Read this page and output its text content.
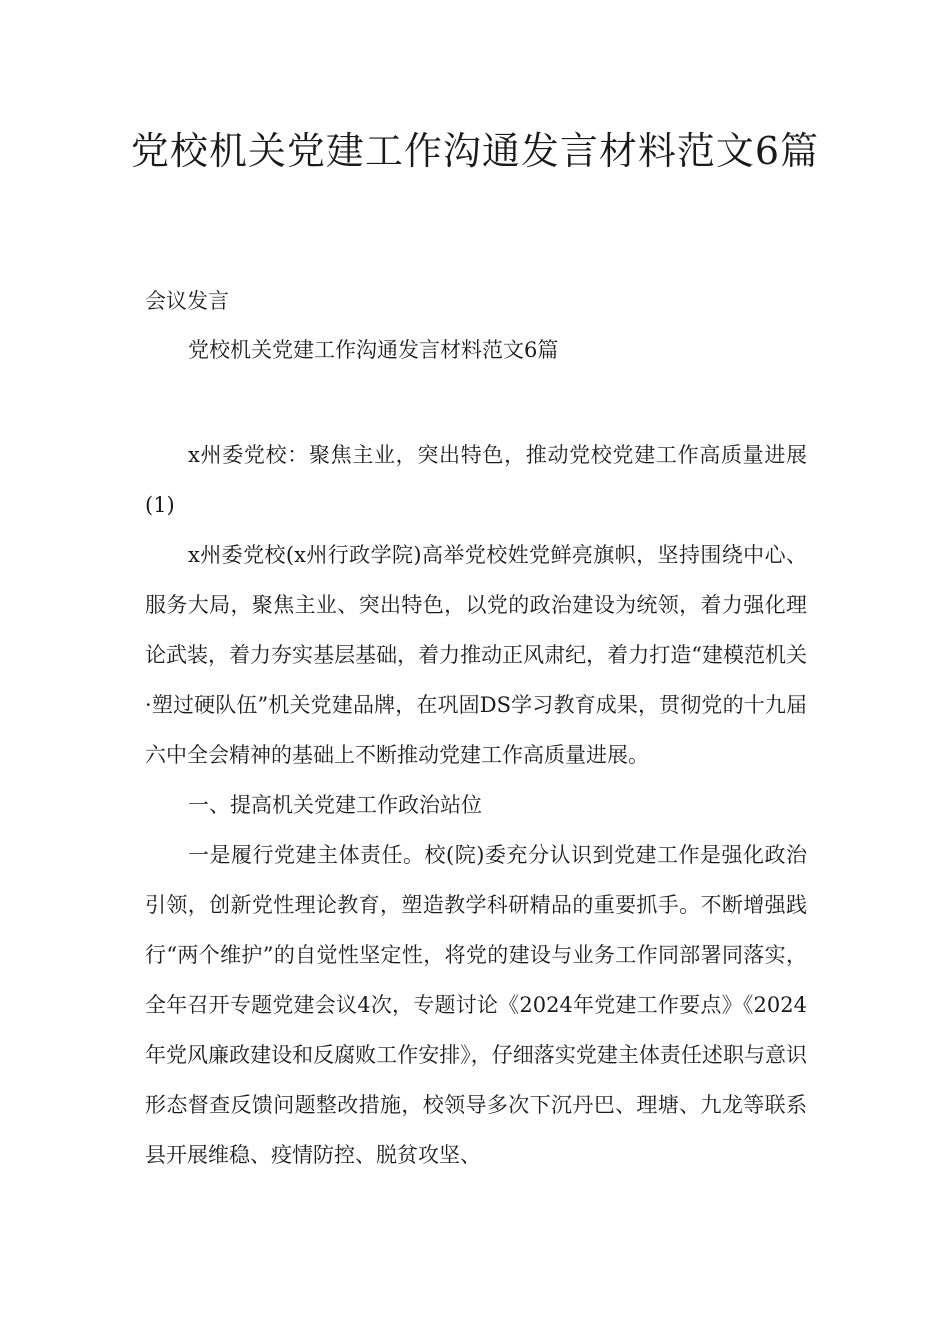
党校机关党建工作沟通发言材料范文6篇

会议发言

党校机关党建工作沟通发言材料范文6篇

x州委党校：聚焦主业，突出特色，推动党校党建工作高质量进展(1)

x州委党校(x州行政学院)高举党校姓党鲜亮旗帜，坚持围绕中心、服务大局，聚焦主业、突出特色，以党的政治建设为统领，着力强化理论武装，着力夯实基层基础，着力推动正风肃纪，着力打造“建模范机关·塑过硬队伍”机关党建品牌，在巩固DS学习教育成果，贯彻党的十九届六中全会精神的基础上不断推动党建工作高质量进展。

一、提高机关党建工作政治站位

一是履行党建主体责任。校(院)委充分认识到党建工作是强化政治引领，创新党性理论教育，塑造教学科研精品的重要抓手。不断增强践行“两个维护”的自觉性坚定性，将党的建设与业务工作同部署同落实，全年召开专题党建会议4次，专题讨论《2024年党建工作要点》《2024年党风廉政建设和反腐败工作安排》，仔细落实党建主体责任述职与意识形态督查反馈问题整改措施，校领导多次下沉丹巴、理塘、九龙等联系县开展维稳、疫情防控、脱贫攻坚、
